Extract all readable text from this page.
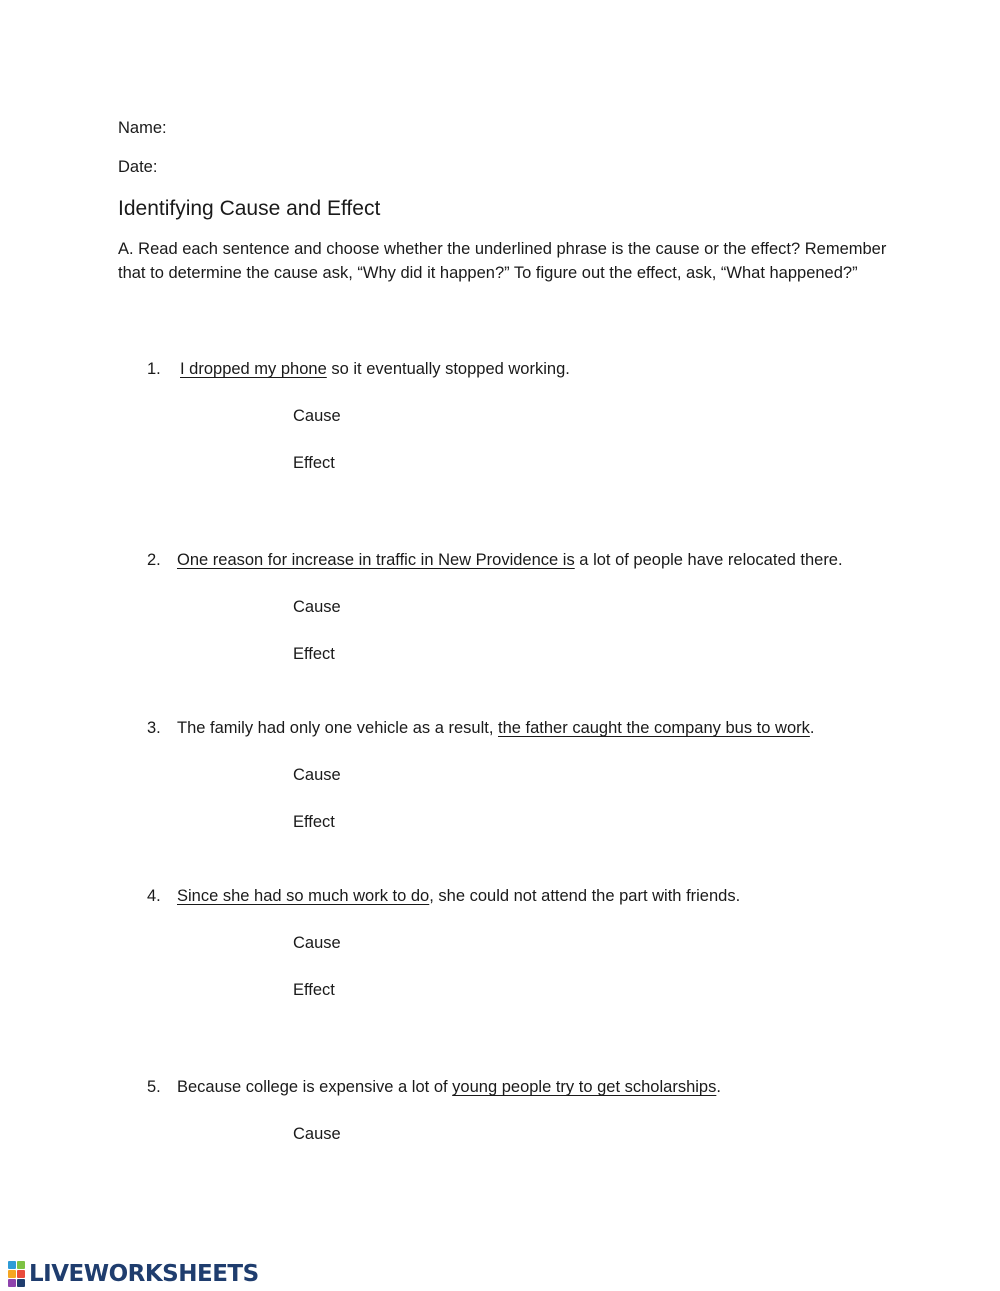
Name:
Date:
Identifying Cause and Effect
A. Read each sentence and choose whether the underlined phrase is the cause or the effect? Remember that to determine the cause ask, “Why did it happen?” To figure out the effect, ask, “What happened?”
1. I dropped my phone so it eventually stopped working.
Cause
Effect
2. One reason for increase in traffic in New Providence is a lot of people have relocated there.
Cause
Effect
3. The family had only one vehicle as a result, the father caught the company bus to work.
Cause
Effect
4. Since she had so much work to do, she could not attend the part with friends.
Cause
Effect
5. Because college is expensive a lot of young people try to get scholarships.
Cause
LIVEWORKSHEETS
